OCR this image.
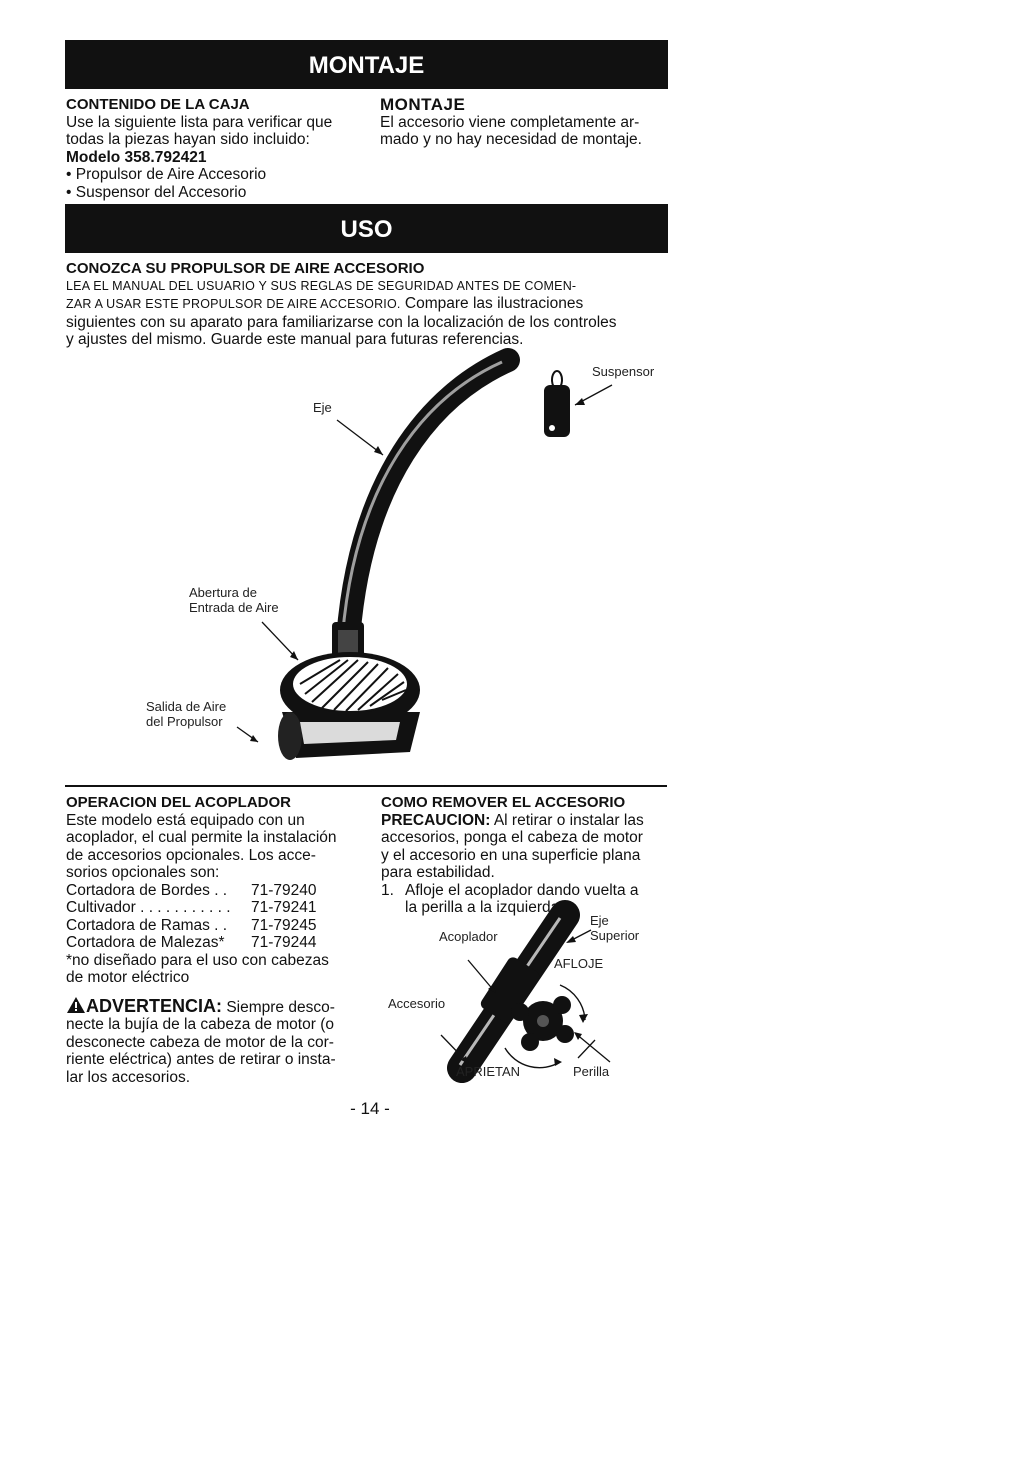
MONTAJE
USO
CONTENIDO DE LA CAJA
Use la siguiente lista para verificar que
todas la piezas hayan sido incluido:
Modelo 358.792421
• Propulsor de Aire Accesorio
• Suspensor del Accesorio
MONTAJE
El accesorio viene completamente ar-
mado y no hay necesidad de montaje.
CONOZCA SU PROPULSOR DE AIRE ACCESORIO
LEA EL MANUAL DEL USUARIO Y SUS REGLAS DE SEGURIDAD ANTES DE COMEN-
ZAR A USAR ESTE PROPULSOR DE AIRE ACCESORIO. Compare las ilustraciones
siguientes con su aparato para familiarizarse con la localización de los controles
y ajustes del mismo. Guarde este manual para futuras referencias.
Suspensor
Eje
Abertura de
Entrada de Aire
Salida de Aire
del Propulsor
OPERACION DEL ACOPLADOR
Este modelo está equipado con un
acoplador, el cual permite la instalación
de accesorios opcionales. Los acce-
sorios opcionales son:
Cortadora de Bordes . .	71-79240
Cultivador . . . . . . . . . . .	71-79241
Cortadora de Ramas . .	71-79245
Cortadora de Malezas*	71-79244
*no diseñado para el uso con cabezas
de motor eléctrico
ADVERTENCIA: Siempre desco-
necte la bujía de la cabeza de motor (o
desconecte cabeza de motor de la cor-
riente eléctrica) antes de retirar o insta-
lar los accesorios.
COMO REMOVER EL ACCESORIO
PRECAUCION: Al retirar o instalar las
accesorios, ponga el cabeza de motor
y el accesorio en una superficie plana
para estabilidad.
1. Afloje el acoplador dando vuelta a
la perilla a la izquierda.
Eje
Superior
Acoplador
AFLOJE
Accesorio
APRIETAN	Perilla
- 14 -
